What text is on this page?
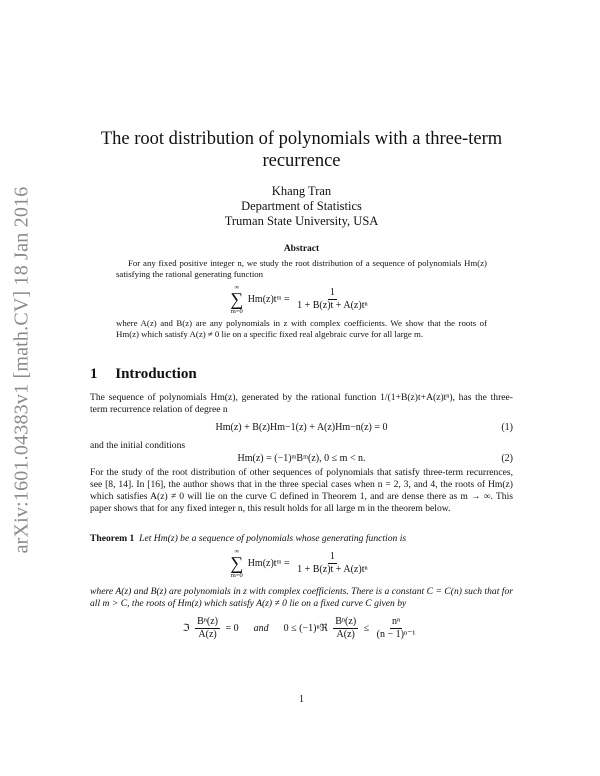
arXiv:1601.04383v1 [math.CV] 18 Jan 2016
The root distribution of polynomials with a three-term
recurrence
Khang Tran
Department of Statistics
Truman State University, USA
Abstract
For any fixed positive integer n, we study the root distribution of a sequence of polynomials Hm(z) satisfying the rational generating function
∞
∑
m=0
Hm(z)tᵐ = $\frac{1}{\text{1 + B(z)t + A(z)tⁿ}}$
where A(z) and B(z) are any polynomials in z with complex coefficients. We show that the roots of Hm(z) which satisfy A(z) ≠ 0 lie on a specific fixed real algebraic curve for all large m.
1 Introduction
The sequence of polynomials Hm(z), generated by the rational function 1/(1+B(z)t+A(z)tⁿ), has the three-term recurrence relation of degree n
Hm(z) + B(z)Hm−1(z) + A(z)Hm−n(z) = 0	(1)
and the initial conditions
Hm(z) = (−1)ᵐBᵐ(z), 0 ≤ m < n.	(2)
For the study of the root distribution of other sequences of polynomials that satisfy three-term recurrences, see [8, 14]. In [16], the author shows that in the three special cases when n = 2, 3, and 4, the roots of Hm(z) which satisfies A(z) ≠ 0 will lie on the curve C defined in Theorem 1, and are dense there as m → ∞. This paper shows that for any fixed integer n, this result holds for all large m in the theorem below.
Theorem 1 Let Hm(z) be a sequence of polynomials whose generating function is
∞
∑
m=0
Hm(z)tᵐ = $\frac{1}{\text{1 + B(z)t + A(z)tⁿ}}$
where A(z) and B(z) are polynomials in z with complex coefficients. There is a constant C = C(n) such that for all m > C, the roots of Hm(z) which satisfy A(z) ≠ 0 lie on a fixed curve C given by
ℑ $\frac{\text{Bⁿ(z)}}{A(z)} = 0$ and 0 ≤ (−1)ⁿℜ $\frac{\text{Bⁿ(z)}}{A(z)} \le \frac{\text{nⁿ}}{\text{(n − 1)ⁿ⁻¹}}$
1
